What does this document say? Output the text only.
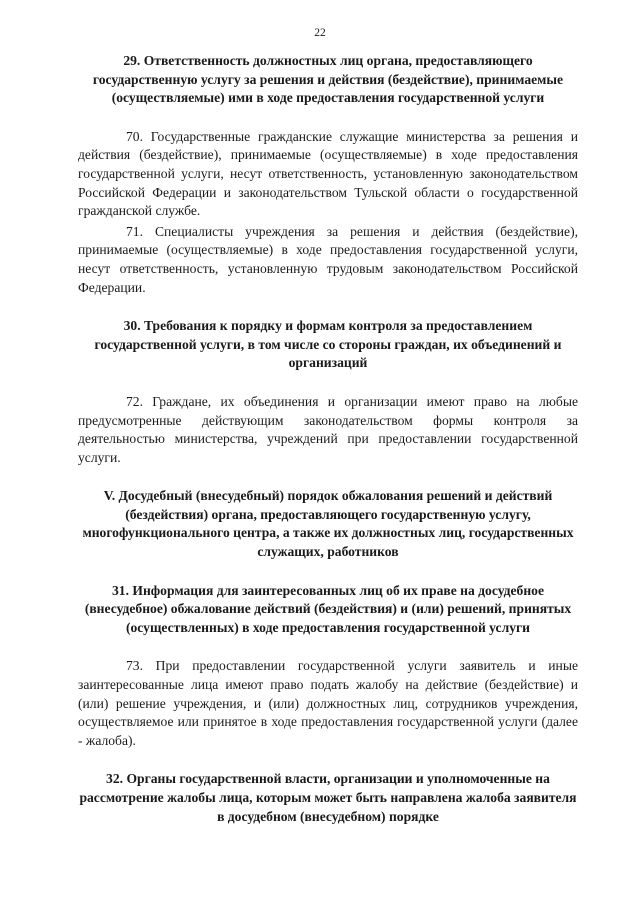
22

29. Ответственность должностных лиц органа, предоставляющего государственную услугу за решения и действия (бездействие), принимаемые (осуществляемые) ими в ходе предоставления государственной услуги

70. Государственные гражданские служащие министерства за решения и действия (бездействие), принимаемые (осуществляемые) в ходе предоставления государственной услуги, несут ответственность, установленную законодательством Российской Федерации и законодательством Тульской области о государственной гражданской службе.

71. Специалисты учреждения за решения и действия (бездействие), принимаемые (осуществляемые) в ходе предоставления государственной услуги, несут ответственность, установленную трудовым законодательством Российской Федерации.

30. Требования к порядку и формам контроля за предоставлением государственной услуги, в том числе со стороны граждан, их объединений и организаций

72. Граждане, их объединения и организации имеют право на любые предусмотренные действующим законодательством формы контроля за деятельностью министерства, учреждений при предоставлении государственной услуги.

V. Досудебный (внесудебный) порядок обжалования решений и действий (бездействия) органа, предоставляющего государственную услугу, многофункционального центра, а также их должностных лиц, государственных служащих, работников

31. Информация для заинтересованных лиц об их праве на досудебное (внесудебное) обжалование действий (бездействия) и (или) решений, принятых (осуществленных) в ходе предоставления государственной услуги

73. При предоставлении государственной услуги заявитель и иные заинтересованные лица имеют право подать жалобу на действие (бездействие) и (или) решение учреждения, и (или) должностных лиц, сотрудников учреждения, осуществляемое или принятое в ходе предоставления государственной услуги (далее - жалоба).

32. Органы государственной власти, организации и уполномоченные на рассмотрение жалобы лица, которым может быть направлена жалоба заявителя в досудебном (внесудебном) порядке
